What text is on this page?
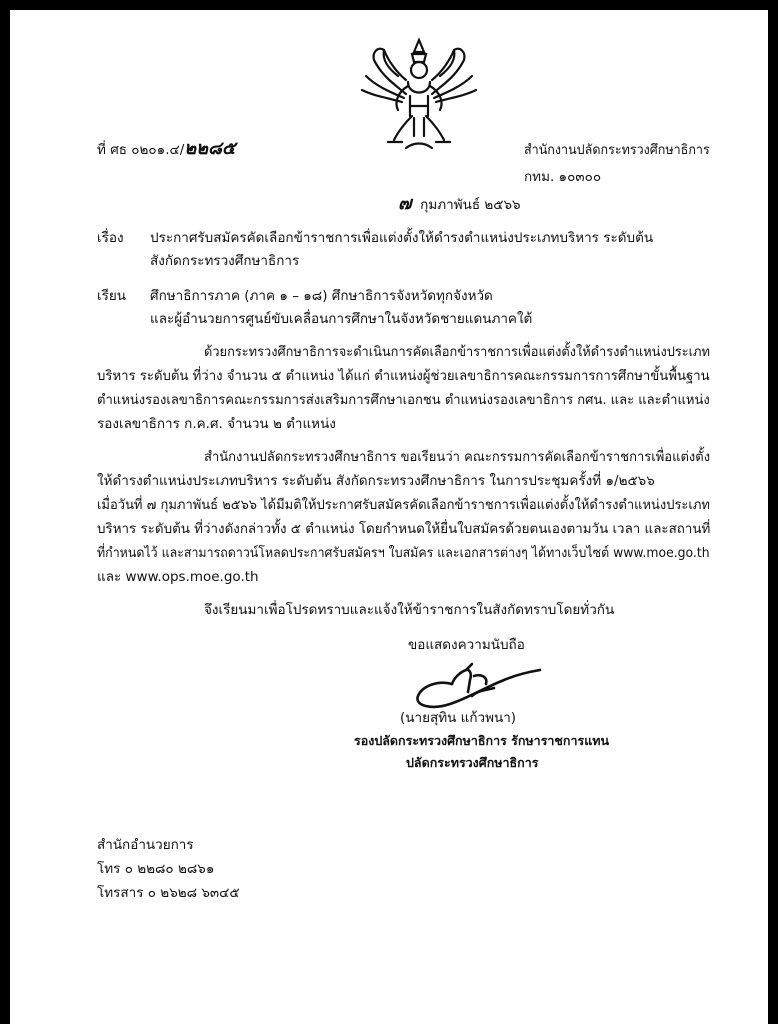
ที่ ศธ ๐๒๐๑.๔/๒๒๘๕	สำนักงานปลัดกระทรวงศึกษาธิการ
กทม. ๑๐๓๐๐
๗ กุมภาพันธ์ ๒๕๖๖
เรื่อง ประกาศรับสมัครคัดเลือกข้าราชการเพื่อแต่งตั้งให้ดำรงตำแหน่งประเภทบริหาร ระดับต้น
สังกัดกระทรวงศึกษาธิการ
เรียน ศึกษาธิการภาค (ภาค ๑ – ๑๘) ศึกษาธิการจังหวัดทุกจังหวัด
และผู้อำนวยการศูนย์ขับเคลื่อนการศึกษาในจังหวัดชายแดนภาคใต้
ด้วยกระทรวงศึกษาธิการจะดำเนินการคัดเลือกข้าราชการเพื่อแต่งตั้งให้ดำรงตำแหน่งประเภท
บริหาร ระดับต้น ที่ว่าง จำนวน ๕ ตำแหน่ง ได้แก่ ตำแหน่งผู้ช่วยเลขาธิการคณะกรรมการการศึกษาขั้นพื้นฐาน
ตำแหน่งรองเลขาธิการคณะกรรมการส่งเสริมการศึกษาเอกชน ตำแหน่งรองเลขาธิการ กศน. และ และตำแหน่ง
รองเลขาธิการ ก.ค.ศ. จำนวน ๒ ตำแหน่ง
สำนักงานปลัดกระทรวงศึกษาธิการ ขอเรียนว่า คณะกรรมการคัดเลือกข้าราชการเพื่อแต่งตั้ง
ให้ดำรงตำแหน่งประเภทบริหาร ระดับต้น สังกัดกระทรวงศึกษาธิการ ในการประชุมครั้งที่ ๑/๒๕๖๖
เมื่อวันที่ ๗ กุมภาพันธ์ ๒๕๖๖ ได้มีมติให้ประกาศรับสมัครคัดเลือกข้าราชการเพื่อแต่งตั้งให้ดำรงตำแหน่งประเภท
บริหาร ระดับต้น ที่ว่างดังกล่าวทั้ง ๕ ตำแหน่ง โดยกำหนดให้ยื่นใบสมัครด้วยตนเองตามวัน เวลา และสถานที่
ที่กำหนดไว้ และสามารถดาวน์โหลดประกาศรับสมัครฯ ใบสมัคร และเอกสารต่างๆ ได้ทางเว็บไซต์ www.moe.go.th
และ www.ops.moe.go.th
จึงเรียนมาเพื่อโปรดทราบและแจ้งให้ข้าราชการในสังกัดทราบโดยทั่วกัน
ขอแสดงความนับถือ
(นายสุทิน แก้วพนา)
รองปลัดกระทรวงศึกษาธิการ รักษาราชการแทน
ปลัดกระทรวงศึกษาธิการ
สำนักอำนวยการ
โทร ๐ ๒๒๘๐ ๒๘๖๑
โทรสาร ๐ ๒๖๒๘ ๖๓๔๕
